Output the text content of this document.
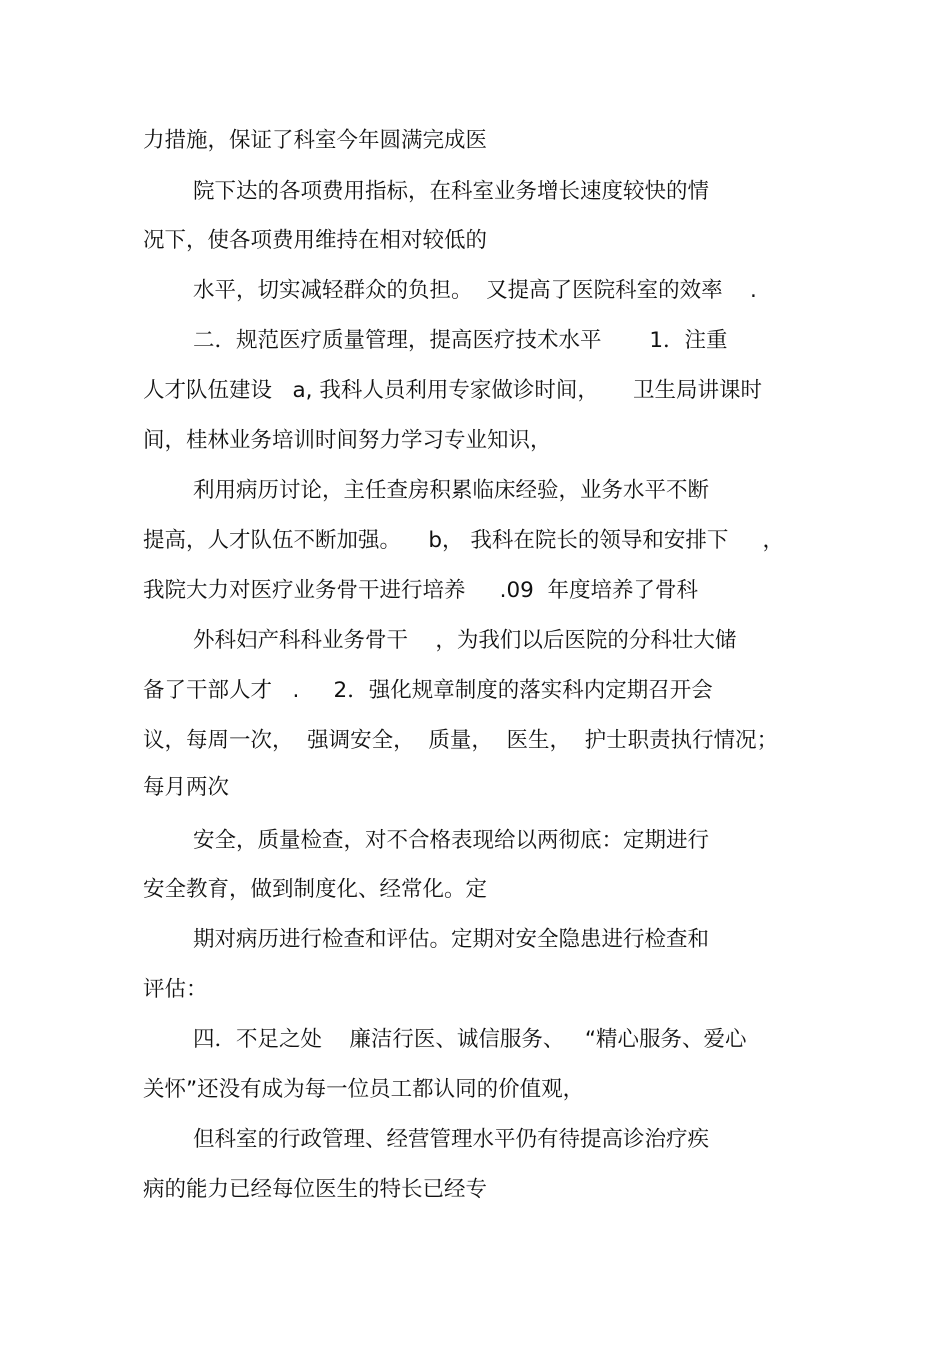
力措施，保证了科室今年圆满完成医
院下达的各项费用指标，在科室业务增长速度较快的情
况下，使各项费用维持在相对较低的
水平，切实减轻群众的负担。  又提高了医院科室的效率    .
二．规范医疗质量管理，提高医疗技术水平       1．注重
人才队伍建设   a, 我科人员利用专家做诊时间，     卫生局讲课时
间，桂林业务培训时间努力学习专业知识，
利用病历讨论，主任查房积累临床经验，业务水平不断
提高，人才队伍不断加强。    b， 我科在院长的领导和安排下     ，
我院大力对医疗业务骨干进行培养     .09  年度培养了骨科
外科妇产科科业务骨干    ，为我们以后医院的分科壮大储
备了干部人才   .     2．强化规章制度的落实科内定期召开会
议，每周一次，  强调安全，  质量，  医生，  护士职责执行情况；
每月两次
安全，质量检查，对不合格表现给以两彻底：定期进行
安全教育，做到制度化、经常化。定
期对病历进行检查和评估。定期对安全隐患进行检查和
评估：
四．不足之处    廉洁行医、诚信服务、   “精心服务、爱心
关怀”还没有成为每一位员工都认同的价值观，
但科室的行政管理、经营管理水平仍有待提高诊治疗疾
病的能力已经每位医生的特长已经专
